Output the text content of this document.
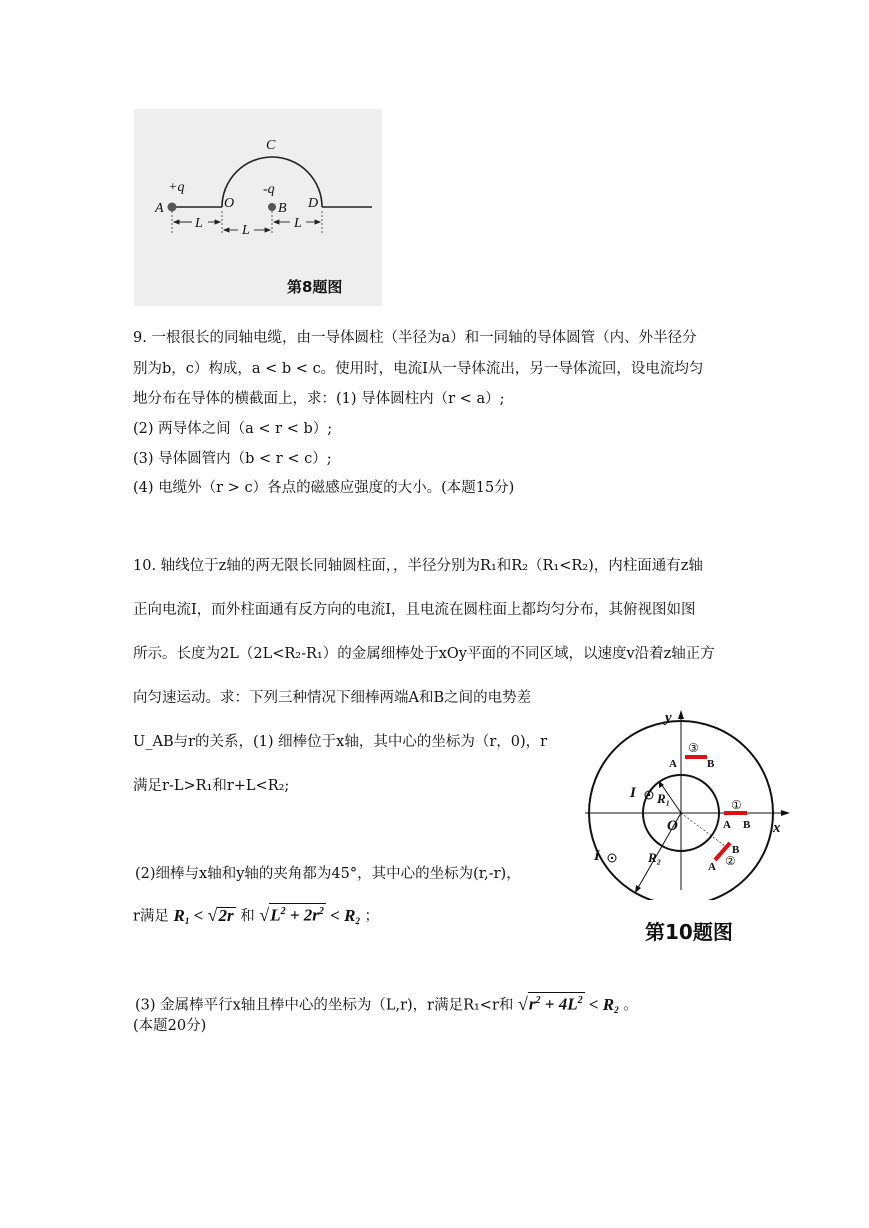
C
+q
A	O
-q
B D
L	L	L
第8题图
9. 一根很长的同轴电缆，由一导体圆柱（半径为a）和一同轴的导体圆管（内、外半径分
别为b，c）构成，a < b < c。使用时，电流I从一导体流出，另一导体流回，设电流均匀
地分布在导体的横截面上，求：(1) 导体圆柱内（r < a）;
(2) 两导体之间（a < r < b）;
(3) 导体圆管内（b < r < c）;
(4) 电缆外（r > c）各点的磁感应强度的大小。(本题15分)
10. 轴线位于z轴的两无限长同轴圆柱面，，半径分别为R₁和R₂（R₁<R₂)，内柱面通有z轴
正向电流I，而外柱面通有反方向的电流I，且电流在圆柱面上都均匀分布，其俯视图如图
所示。长度为2L（2L<R₂-R₁）的金属细棒处于xOy平面的不同区域，以速度v沿着z轴正方
向匀速运动。求：下列三种情况下细棒两端A和B之间的电势差
U_AB与r的关系，(1) 细棒位于x轴，其中心的坐标为（r，0)，r
满足r-L>R₁和r+L<R₂;
(2)细棒与x轴和y轴的夹角都为45°，其中心的坐标为(r,-r)，
r满足 $R_1 < √2r$ 和 $√L^2 + 2r^2 < R_2$ ；
(3) 金属棒平行x轴且棒中心的坐标为（L,r)，r满足R₁<r和 $√r^2 + 4L^2 < R_2$ 。
(本题20分)
y
x
O
R₁
R₂
I
I
A	B
A B
A
B
③
①
②
第10题图
